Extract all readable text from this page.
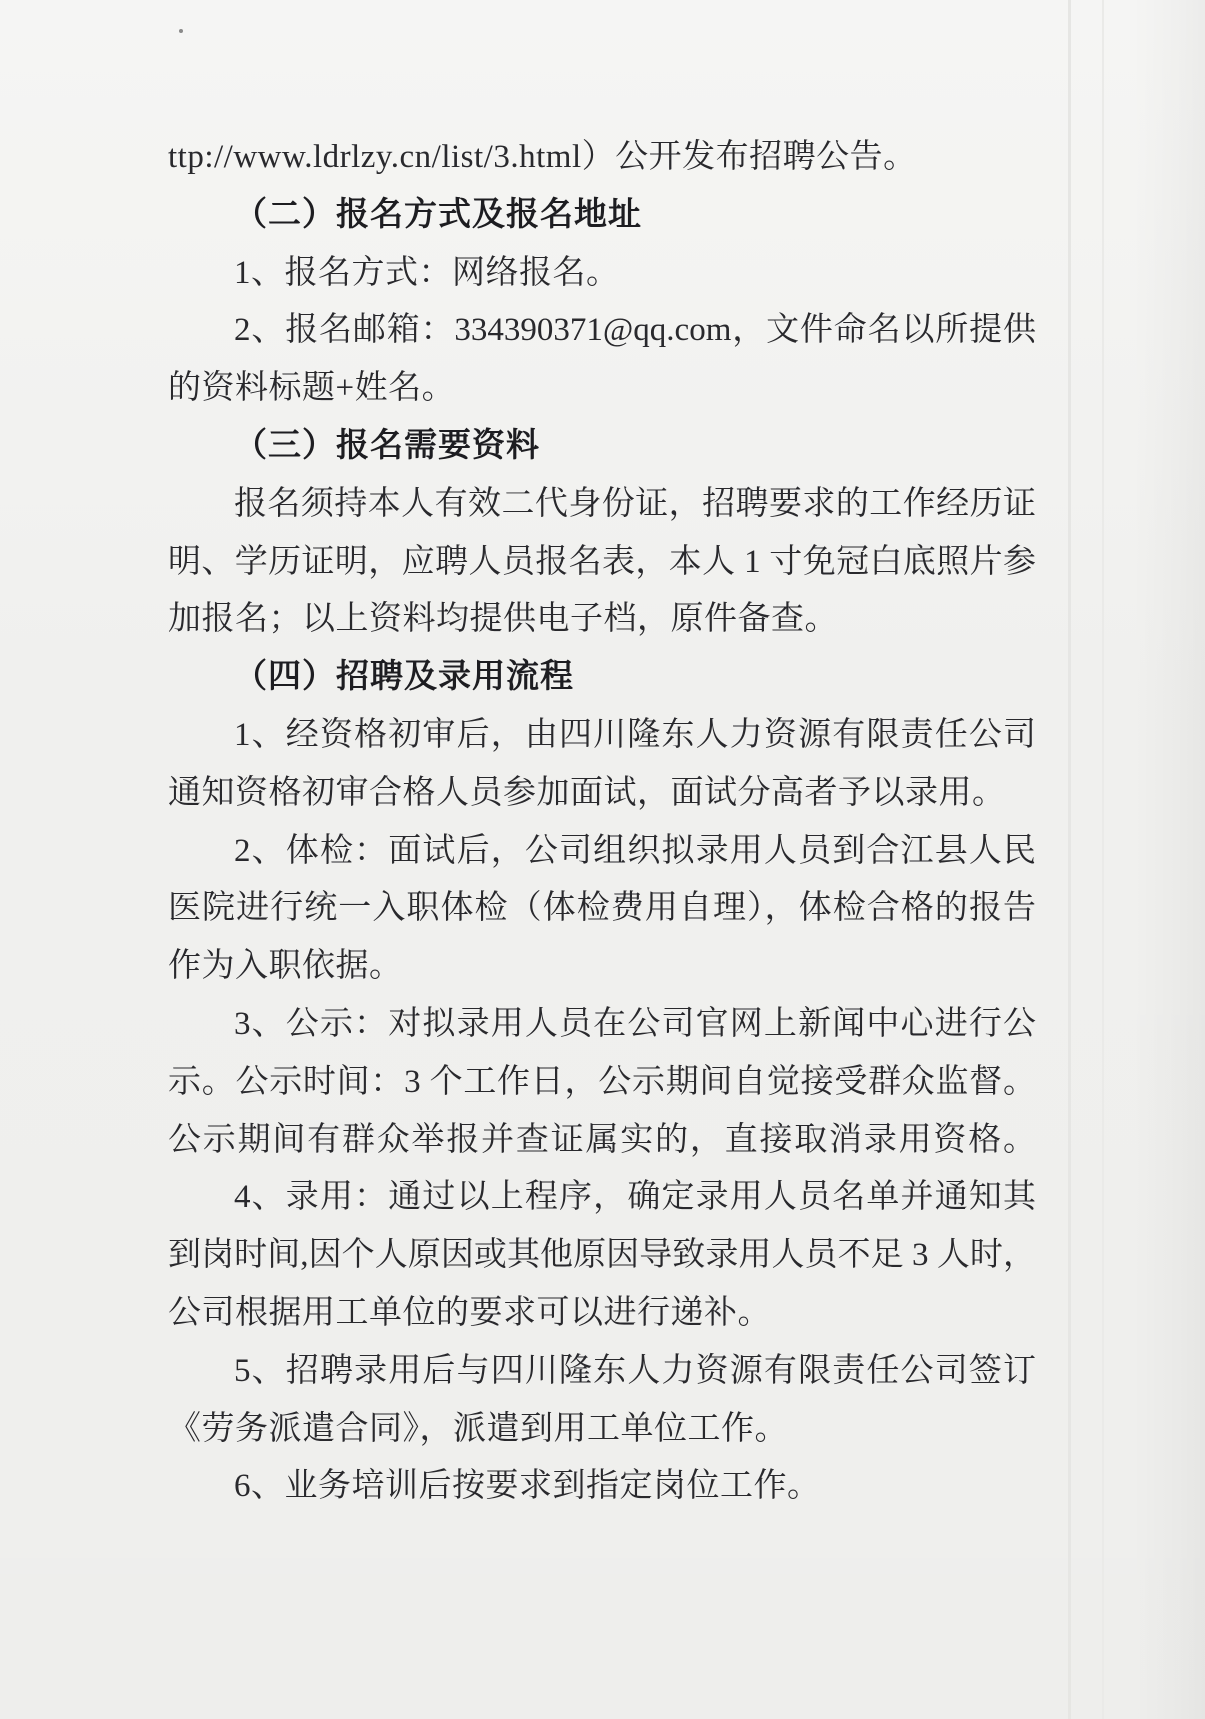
ttp://www.ldrlzy.cn/list/3.html）公开发布招聘公告。
（二）报名方式及报名地址
1、报名方式：网络报名。
2、报名邮箱：334390371@qq.com，文件命名以所提供
的资料标题+姓名。
（三）报名需要资料
报名须持本人有效二代身份证，招聘要求的工作经历证
明、学历证明，应聘人员报名表，本人 1 寸免冠白底照片参
加报名；以上资料均提供电子档，原件备查。
（四）招聘及录用流程
1、经资格初审后，由四川隆东人力资源有限责任公司
通知资格初审合格人员参加面试，面试分高者予以录用。
2、体检：面试后，公司组织拟录用人员到合江县人民
医院进行统一入职体检（体检费用自理），体检合格的报告
作为入职依据。
3、公示：对拟录用人员在公司官网上新闻中心进行公
示。公示时间：3 个工作日，公示期间自觉接受群众监督。
公示期间有群众举报并查证属实的，直接取消录用资格。
4、录用：通过以上程序，确定录用人员名单并通知其
到岗时间,因个人原因或其他原因导致录用人员不足 3 人时，
公司根据用工单位的要求可以进行递补。
5、招聘录用后与四川隆东人力资源有限责任公司签订
《劳务派遣合同》，派遣到用工单位工作。
6、业务培训后按要求到指定岗位工作。
